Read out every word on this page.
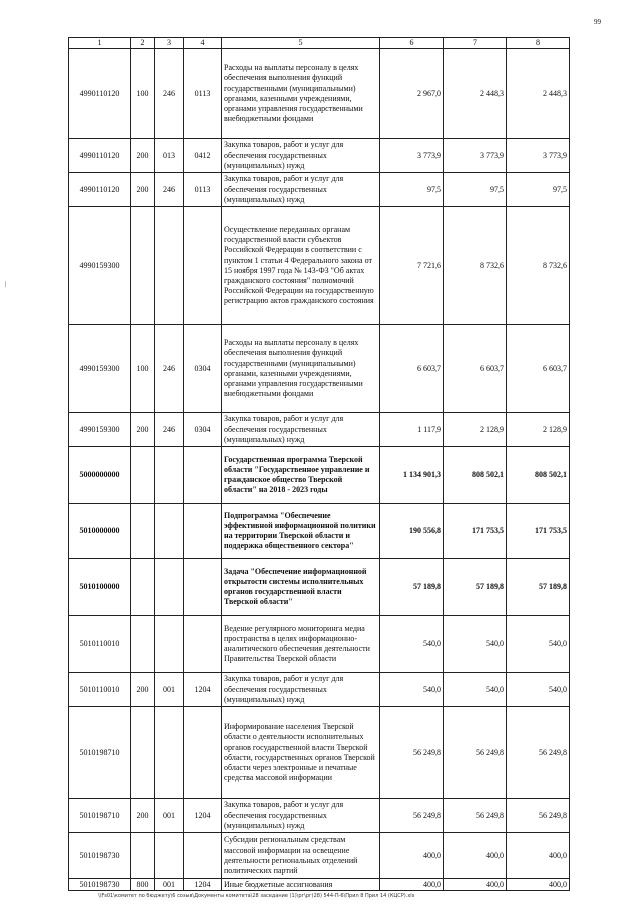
99
|
1	2	3	4	5	6	7	8
4990110120	100	246	0113	Расходы на выплаты персоналу в целях обеспечения выполнения функций государственными (муниципальными) органами, казенными учреждениями, органами управления государственными внебюджетными фондами	2 967,0	2 448,3	2 448,3
4990110120	200	013	0412	Закупка товаров, работ и услуг для обеспечения государственных (муниципальных) нужд	3 773,9	3 773,9	3 773,9
4990110120	200	246	0113	Закупка товаров, работ и услуг для обеспечения государственных (муниципальных) нужд	97,5	97,5	97,5
4990159300				Осуществление переданных органам государственной власти субъектов Российской Федерации в соответствии с пунктом 1 статьи 4 Федерального закона от 15 ноября 1997 года № 143-ФЗ "Об актах гражданского состояния" полномочий Российской Федерации на государственную регистрацию актов гражданского состояния	7 721,6	8 732,6	8 732,6
4990159300	100	246	0304	Расходы на выплаты персоналу в целях обеспечения выполнения функций государственными (муниципальными) органами, казенными учреждениями, органами управления государственными внебюджетными фондами	6 603,7	6 603,7	6 603,7
4990159300	200	246	0304	Закупка товаров, работ и услуг для обеспечения государственных (муниципальных) нужд	1 117,9	2 128,9	2 128,9
5000000000				Государственная программа Тверской области "Государственное управление и гражданское общество Тверской области" на 2018 - 2023 годы	1 134 901,3	808 502,1	808 502,1
5010000000				Подпрограмма "Обеспечение эффективной информационной политики на территории Тверской области и поддержка общественного сектора"	190 556,8	171 753,5	171 753,5
5010100000				Задача "Обеспечение информационной открытости системы исполнительных органов государственной власти Тверской области"	57 189,8	57 189,8	57 189,8
5010110010				Ведение регулярного мониторинга медиа пространства в целях информационно-аналитического обеспечения деятельности Правительства Тверской области	540,0	540,0	540,0
5010110010	200	001	1204	Закупка товаров, работ и услуг для обеспечения государственных (муниципальных) нужд	540,0	540,0	540,0
5010198710				Информирование населения Тверской области о деятельности исполнительных органов государственной власти Тверской области, государственных органов Тверской области через электронные и печатные средства массовой информации	56 249,8	56 249,8	56 249,8
5010198710	200	001	1204	Закупка товаров, работ и услуг для обеспечения государственных (муниципальных) нужд	56 249,8	56 249,8	56 249,8
5010198730				Субсидии региональным средствам массовой информации на освещение деятельности региональных отделений политических партий	400,0	400,0	400,0
5010198730	800	001	1204	Иные бюджетные ассигнования	400,0	400,0	400,0
\\Fs01\комитет по бюджету\6 созыв\Документы комитета\28 заседание (1)\рг\рг(28) 544-П-6\Прил 8 Прил 14 (КЦСР).xls
